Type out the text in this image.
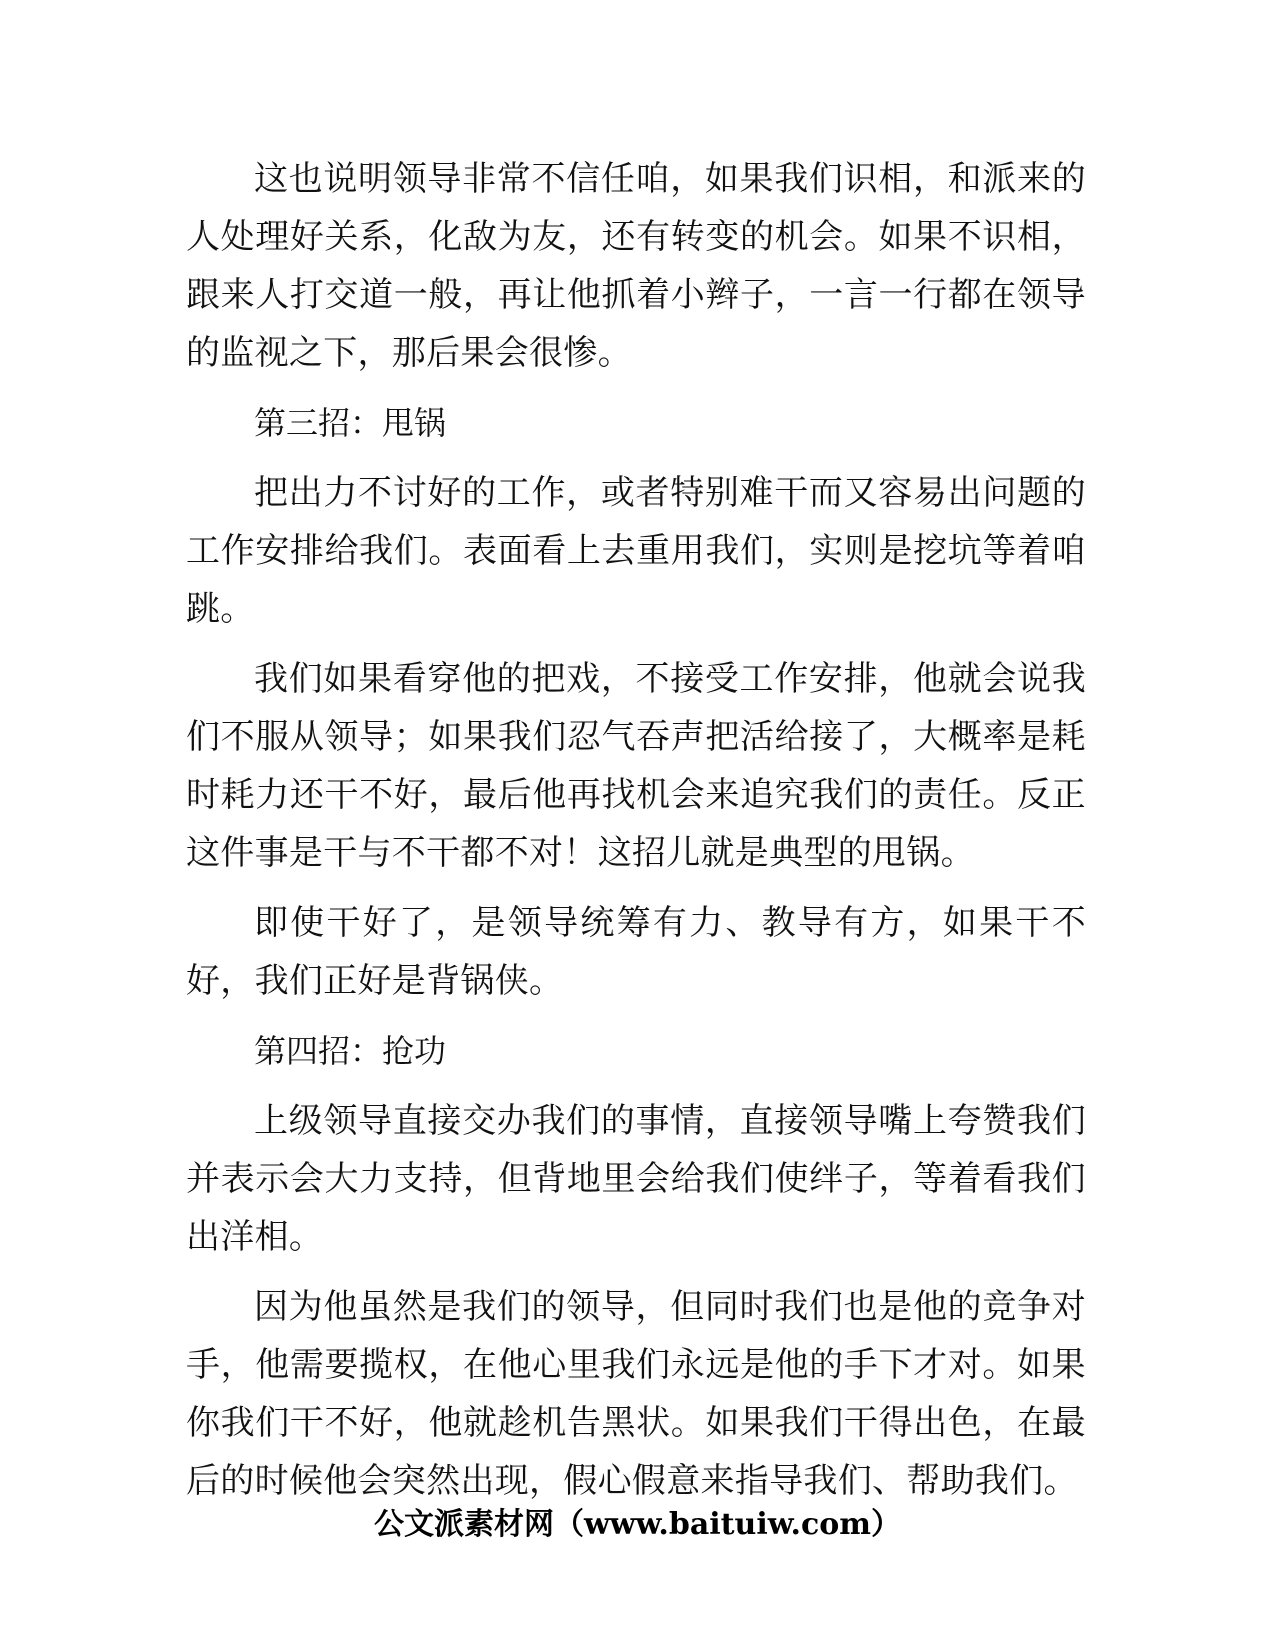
这也说明领导非常不信任咱，如果我们识相，和派来的人处理好关系，化敌为友，还有转变的机会。如果不识相，跟来人打交道一般，再让他抓着小辫子，一言一行都在领导的监视之下，那后果会很惨。

第三招：甩锅

把出力不讨好的工作，或者特别难干而又容易出问题的工作安排给我们。表面看上去重用我们，实则是挖坑等着咱跳。

我们如果看穿他的把戏，不接受工作安排，他就会说我们不服从领导；如果我们忍气吞声把活给接了，大概率是耗时耗力还干不好，最后他再找机会来追究我们的责任。反正这件事是干与不干都不对！这招儿就是典型的甩锅。

即使干好了，是领导统筹有力、教导有方，如果干不好，我们正好是背锅侠。

第四招：抢功

上级领导直接交办我们的事情，直接领导嘴上夸赞我们并表示会大力支持，但背地里会给我们使绊子，等着看我们出洋相。

因为他虽然是我们的领导，但同时我们也是他的竞争对手，他需要揽权，在他心里我们永远是他的手下才对。如果你我们干不好，他就趁机告黑状。如果我们干得出色，在最后的时候他会突然出现，假心假意来指导我们、帮助我们。

公文派素材网（www.baituiw.com）
